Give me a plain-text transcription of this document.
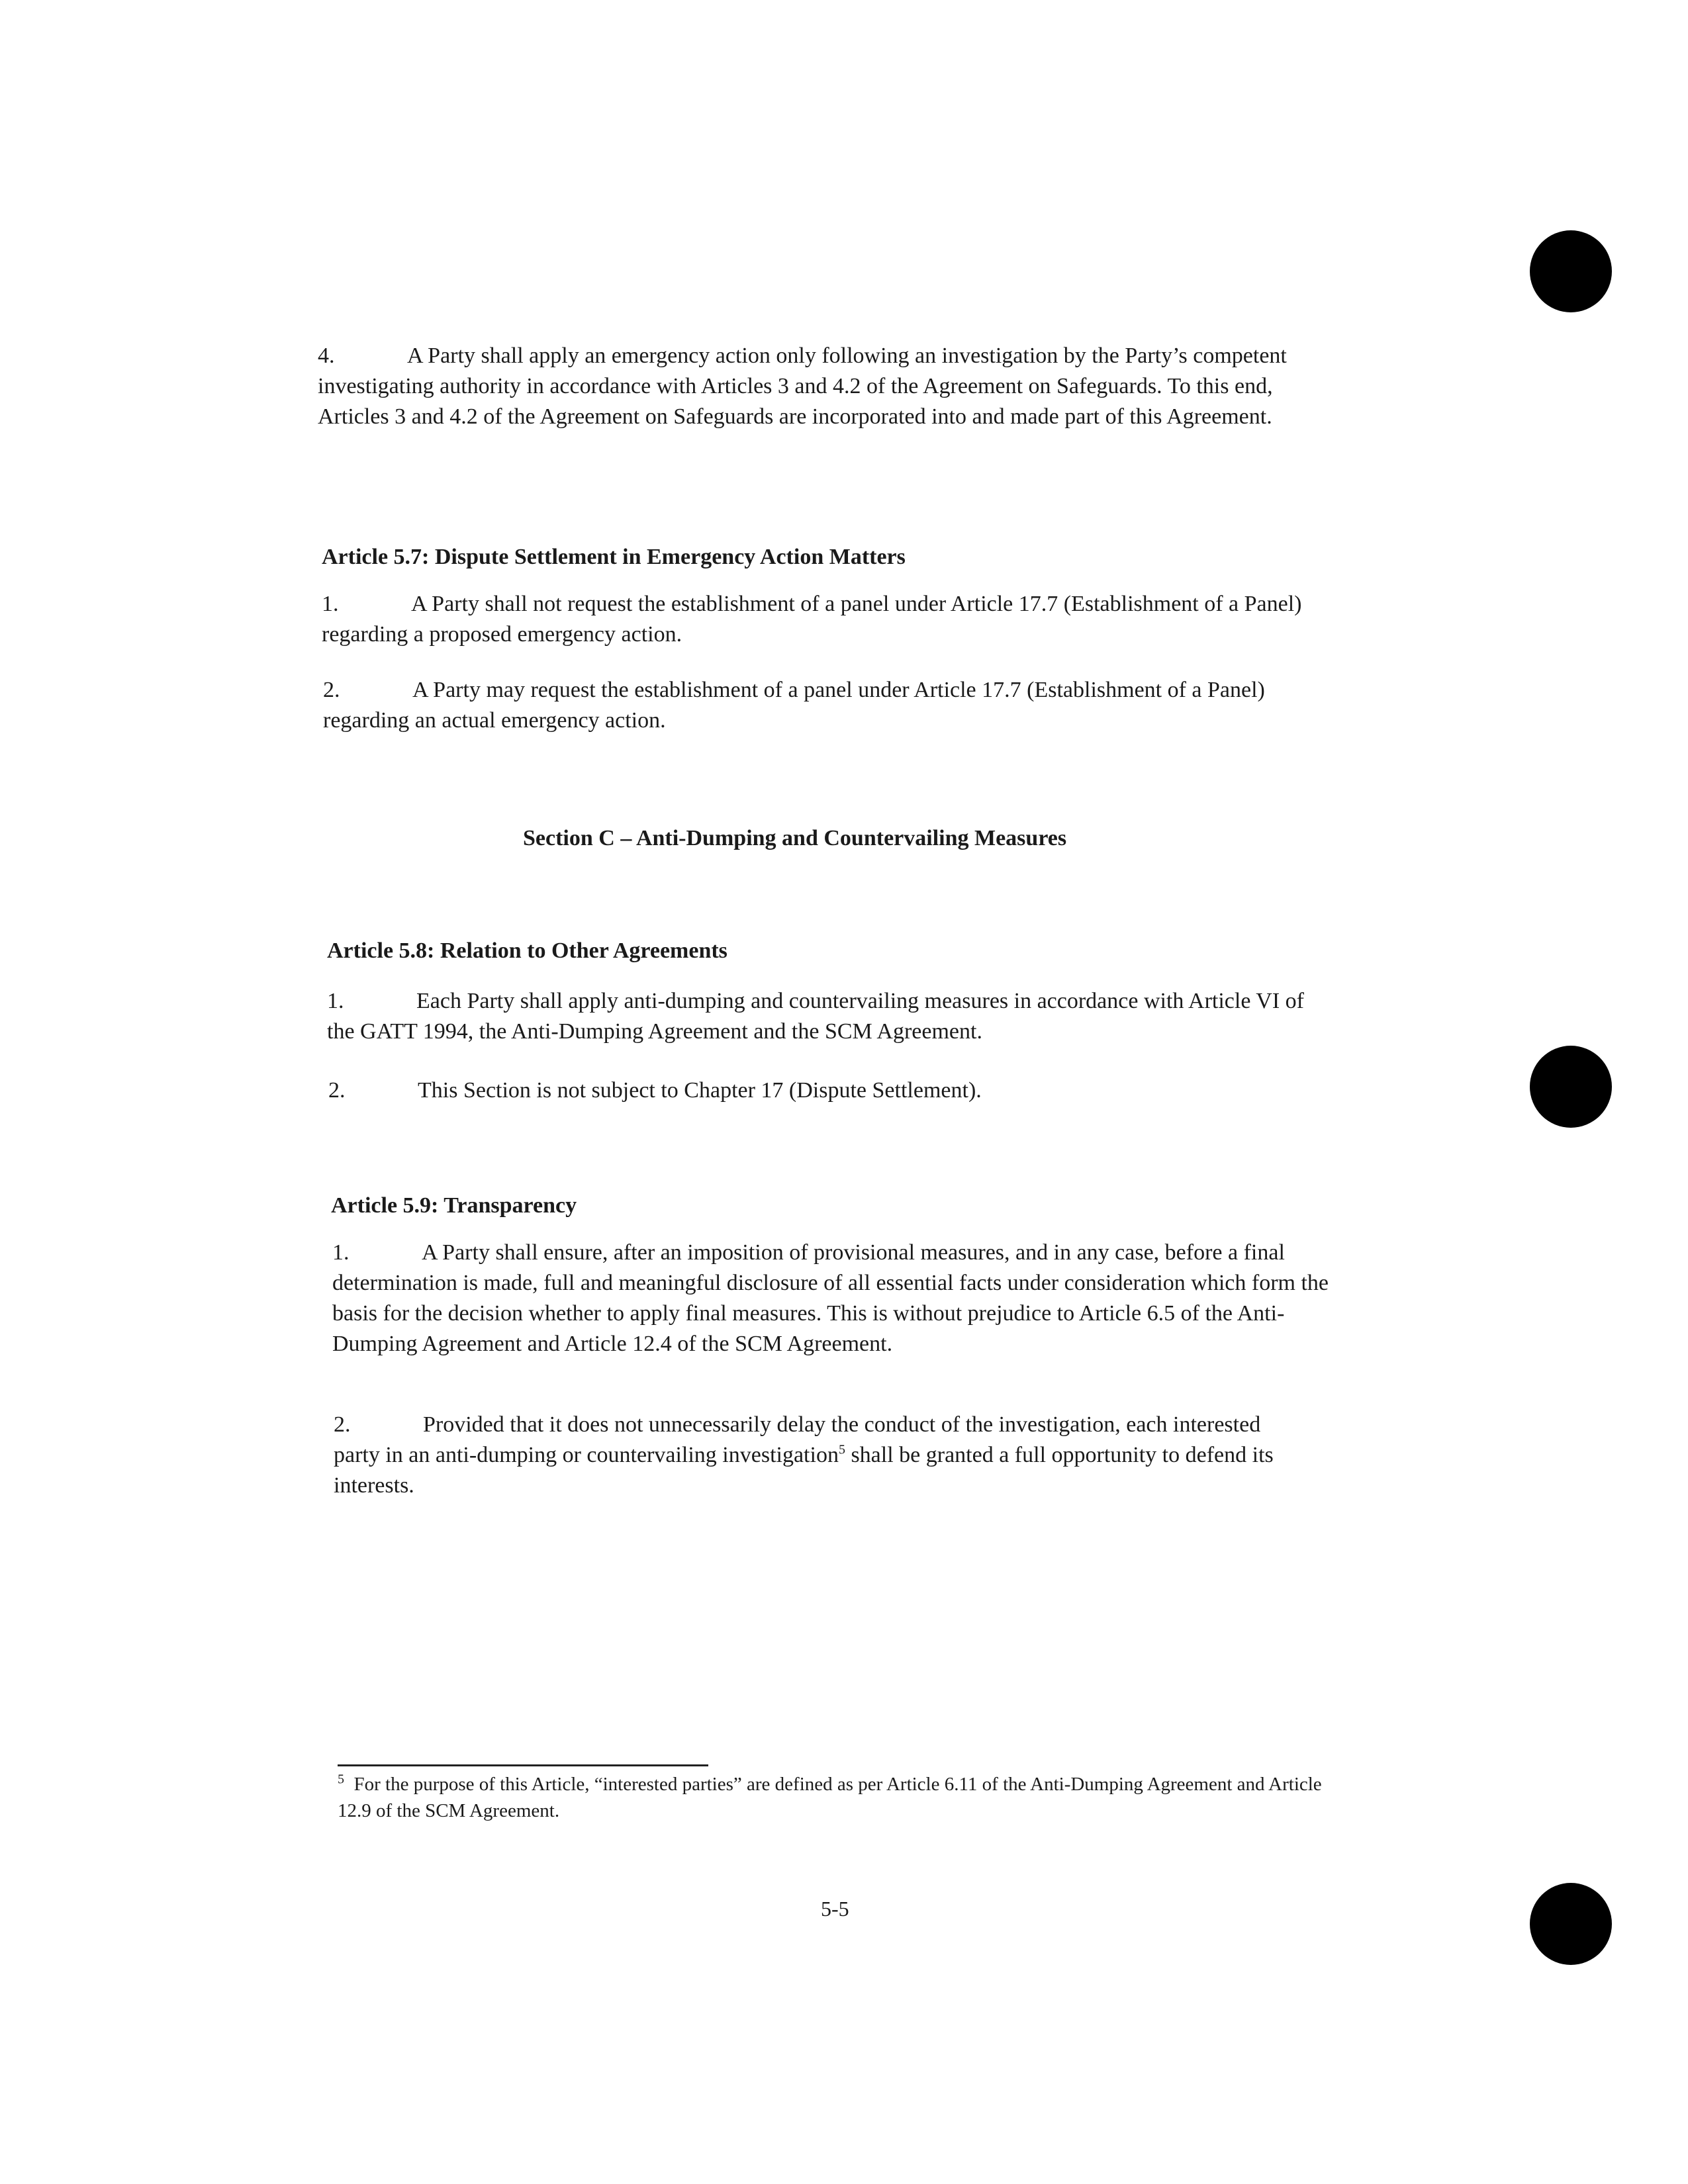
4.	A Party shall apply an emergency action only following an investigation by the Party’s competent investigating authority in accordance with Articles 3 and 4.2 of the Agreement on Safeguards. To this end, Articles 3 and 4.2 of the Agreement on Safeguards are incorporated into and made part of this Agreement.

Article 5.7: Dispute Settlement in Emergency Action Matters

1.	A Party shall not request the establishment of a panel under Article 17.7 (Establishment of a Panel) regarding a proposed emergency action.

2.	A Party may request the establishment of a panel under Article 17.7 (Establishment of a Panel) regarding an actual emergency action.

Section C – Anti-Dumping and Countervailing Measures
Article 5.8: Relation to Other Agreements

1.	Each Party shall apply anti-dumping and countervailing measures in accordance with Article VI of the GATT 1994, the Anti-Dumping Agreement and the SCM Agreement.

2.	This Section is not subject to Chapter 17 (Dispute Settlement).

Article 5.9: Transparency

1.	A Party shall ensure, after an imposition of provisional measures, and in any case, before a final determination is made, full and meaningful disclosure of all essential facts under consideration which form the basis for the decision whether to apply final measures. This is without prejudice to Article 6.5 of the Anti-Dumping Agreement and Article 12.4 of the SCM Agreement.

2.	Provided that it does not unnecessarily delay the conduct of the investigation, each interested party in an anti-dumping or countervailing investigation$^5$ shall be granted a full opportunity to defend its interests.

$^5$ For the purpose of this Article, “interested parties” are defined as per Article 6.11 of the Anti-Dumping Agreement and Article 12.9 of the SCM Agreement.

5-5
